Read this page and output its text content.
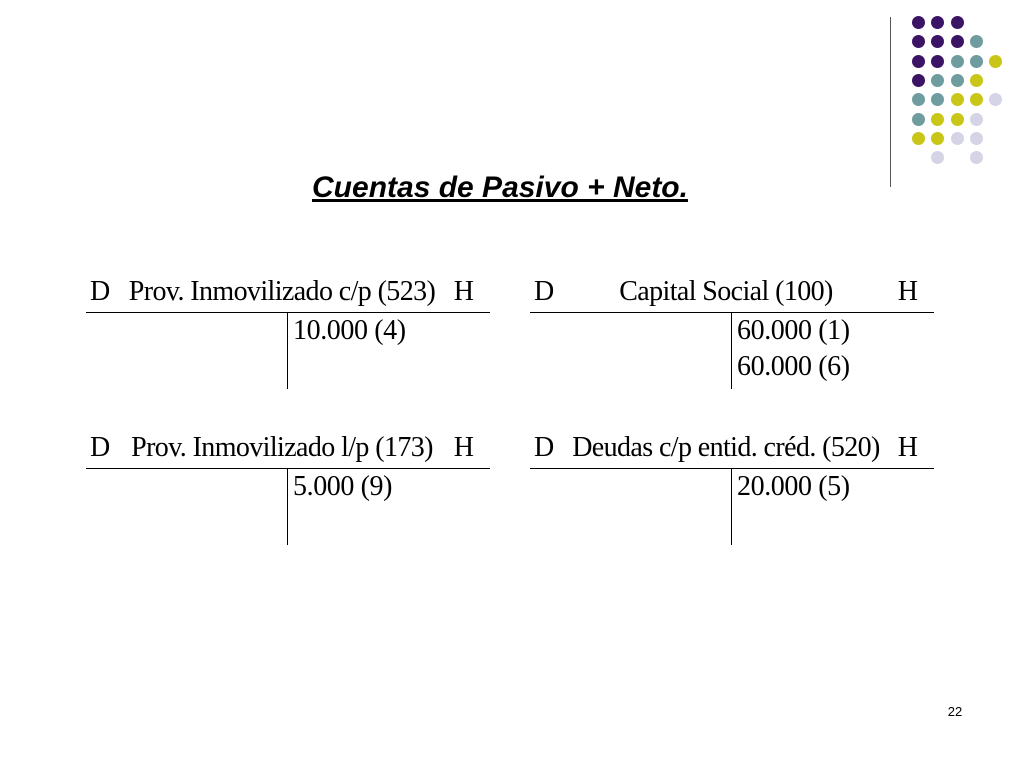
Cuentas de Pasivo + Neto.
D Prov. Inmovilizado c/p (523) H
10.000 (4)
D	Capital Social (100)	H
60.000 (1)
60.000 (6)
D Prov. Inmovilizado l/p (173) H
5.000 (9)
D Deudas c/p entid. créd. (520) H
20.000 (5)
22
